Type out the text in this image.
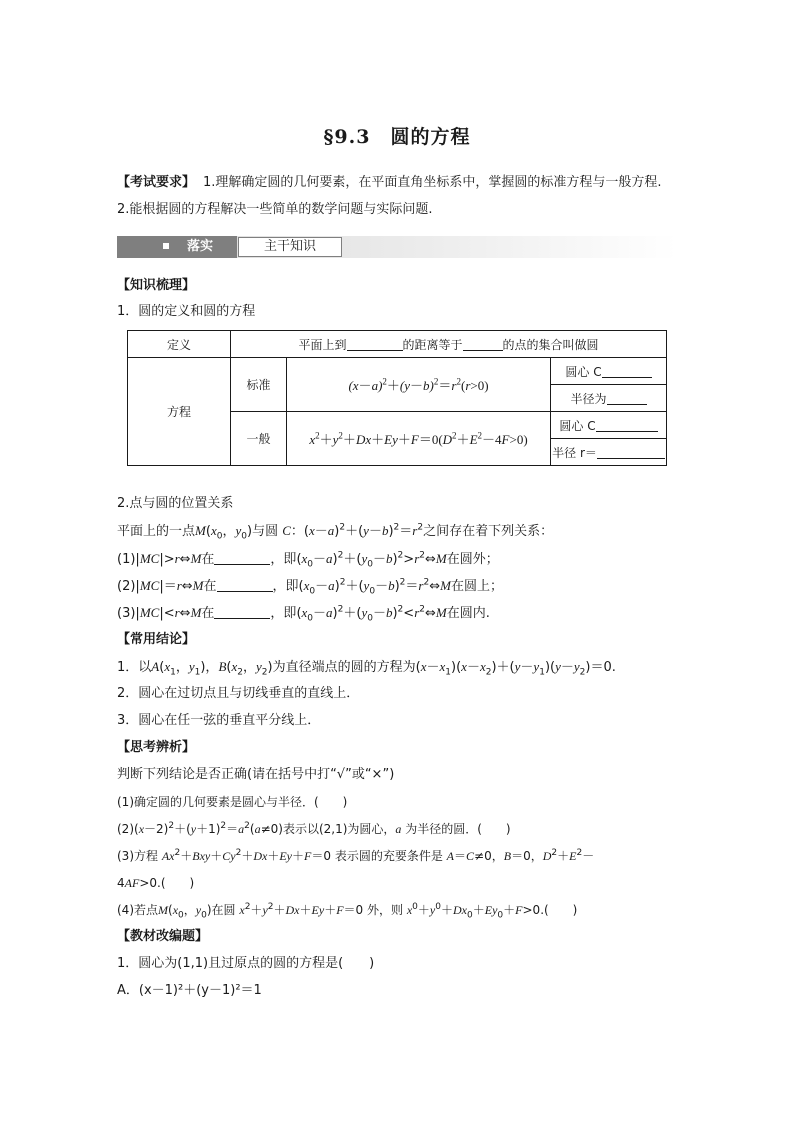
§9.3　圆的方程
【考试要求】 1.理解确定圆的几何要素，在平面直角坐标系中，掌握圆的标准方程与一般方程.
2.能根据圆的方程解决一些简单的数学问题与实际问题.
落实	主干知识
【知识梳理】
1．圆的定义和圆的方程
定义	平面上到 的距离等于 的点的集合叫做圆		
方程	标准	$(x-a)^2+(y-b)^2=r^2(r>0)$	圆心 C
			半径为
	一般	$x^2+y^2+Dx+Ey+F=0(D^2+E^2-4F>0)$	圆心 C
			半径 r＝
2.点与圆的位置关系
平面上的一点$M(x_0$，$y_0$)与圆 C：$(x-a)^2+(y-b)^2=r^2$之间存在着下列关系：
(1)|MC|>r⇔M在	，即$(x_0-a)^2+(y_0-b)^2>r^2\Leftrightarrow M$在圆外；
(2)|MC|＝r⇔M在	，即$(x_0-a)^2+(y_0-b)^2=r^2\Leftrightarrow M$在圆上；
(3)|MC|<r⇔M在	，即$(x_0-a)^2+(y_0-b)^2<r^2\Leftrightarrow M$在圆内.
【常用结论】
1．以$A(x_1$，$y_1$)，$B(x_2$，$y_2$)为直径端点的圆的方程为$(x-x_1)(x-x_2)+(y-y_1)(y-y_2)=0$.
2．圆心在过切点且与切线垂直的直线上．
3．圆心在任一弦的垂直平分线上．
【思考辨析】
判断下列结论是否正确(请在括号中打“√”或“×”)
(1)确定圆的几何要素是圆心与半径．(　　)
$(2)(x-2)^2+(y+1)^2=a^2(a\ne 0)$表示以(2,1)为圆心，a 为半径的圆．(　　)
(3)方程 $Ax^2+Bxy+Cy^2+Dx+Ey+F=0$ 表示圆的充要条件是 A＝C≠0，B＝0，$D^2+E^2-$
4AF>0.(　　)
(4)若点$M(x_0$，$y_0$)在圆 $x^2+y^2+Dx+Ey+F=0$ 外，则 $x^0+y^0+Dx_0+Ey_0+F>0$.(　　)
【教材改编题】
1．圆心为(1,1)且过原点的圆的方程是(　　)
A．(x－1)²＋(y－1)²＝1
